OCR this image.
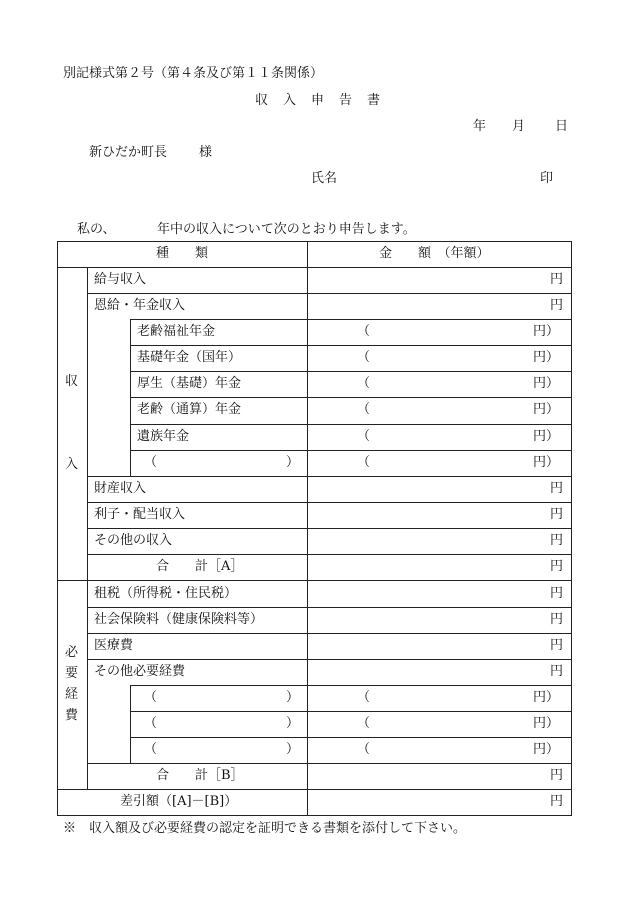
別記様式第２号（第４条及び第１１条関係）
収　入　申　告　書
年 月 日
新ひだか町長 様
氏名	印
私の、	年中の収入について次のとおり申告します。
種　　類	金　　額　（年額）
収
入
必
要
経
費
給与収入	円
恩給・年金収入	円
老齢福祉年金	（	円）
基礎年金（国年）	（	円）
厚生（基礎）年金	（	円）
老齢（通算）年金	（	円）
遺族年金	（	円）
（	）	（	円）
財産収入	円
利子・配当収入	円
その他の収入	円
合　　計［A］	円
租税（所得税・住民税）	円
社会保険料（健康保険料等）	円
医療費	円
その他必要経費	円
（	）	（	円）
（	）	（	円）
（	）	（	円）
合　　計［B］	円
差引額（[A]－[B]）	円
※　収入額及び必要経費の認定を証明できる書類を添付して下さい。
